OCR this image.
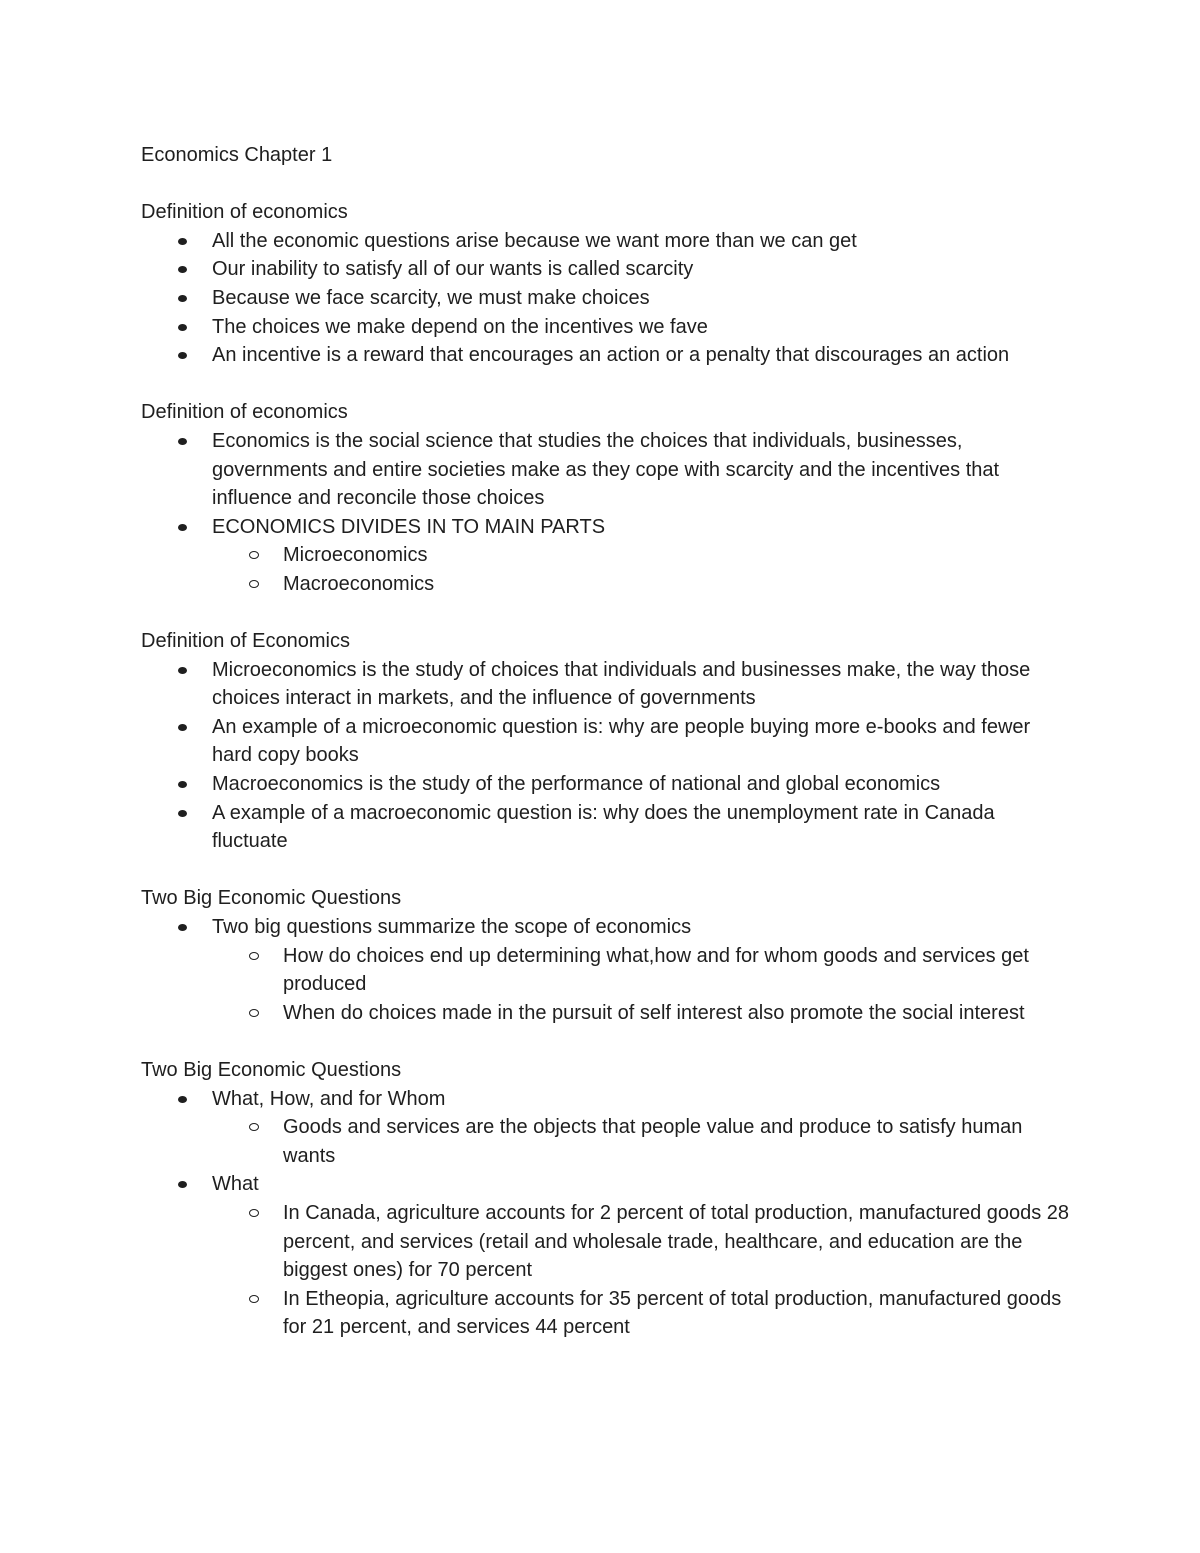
Economics Chapter 1
Definition of economics
All the economic questions arise because we want more than we can get
Our inability to satisfy all of our wants is called scarcity
Because we face scarcity, we must make choices
The choices we make depend on the incentives we fave
An incentive is a reward that encourages an action or a penalty that discourages an action
Definition of economics
Economics is the social science that studies the choices that individuals, businesses, governments and entire societies make as they cope with scarcity and the incentives that influence and reconcile those choices
ECONOMICS DIVIDES IN TO MAIN PARTS
Microeconomics
Macroeconomics
Definition of Economics
Microeconomics is the study of choices that individuals and businesses make, the way those choices interact in markets, and the influence of governments
An example of a microeconomic question is: why are people buying more e-books and fewer hard copy books
Macroeconomics is the study of the performance of national and global economics
A example of a macroeconomic question is: why does the unemployment rate in Canada fluctuate
Two Big Economic Questions
Two big questions summarize the scope of economics
How do choices end up determining what,how and for whom goods and services get produced
When do choices made in the pursuit of self interest also promote the social interest
Two Big Economic Questions
What, How, and for Whom
Goods and services are the objects that people value and produce to satisfy human wants
What
In Canada, agriculture accounts for 2 percent of total production, manufactured goods 28 percent, and services (retail and wholesale trade, healthcare, and education are the biggest ones) for 70 percent
In Etheopia, agriculture accounts for 35 percent of total production, manufactured goods for 21 percent, and services 44 percent
